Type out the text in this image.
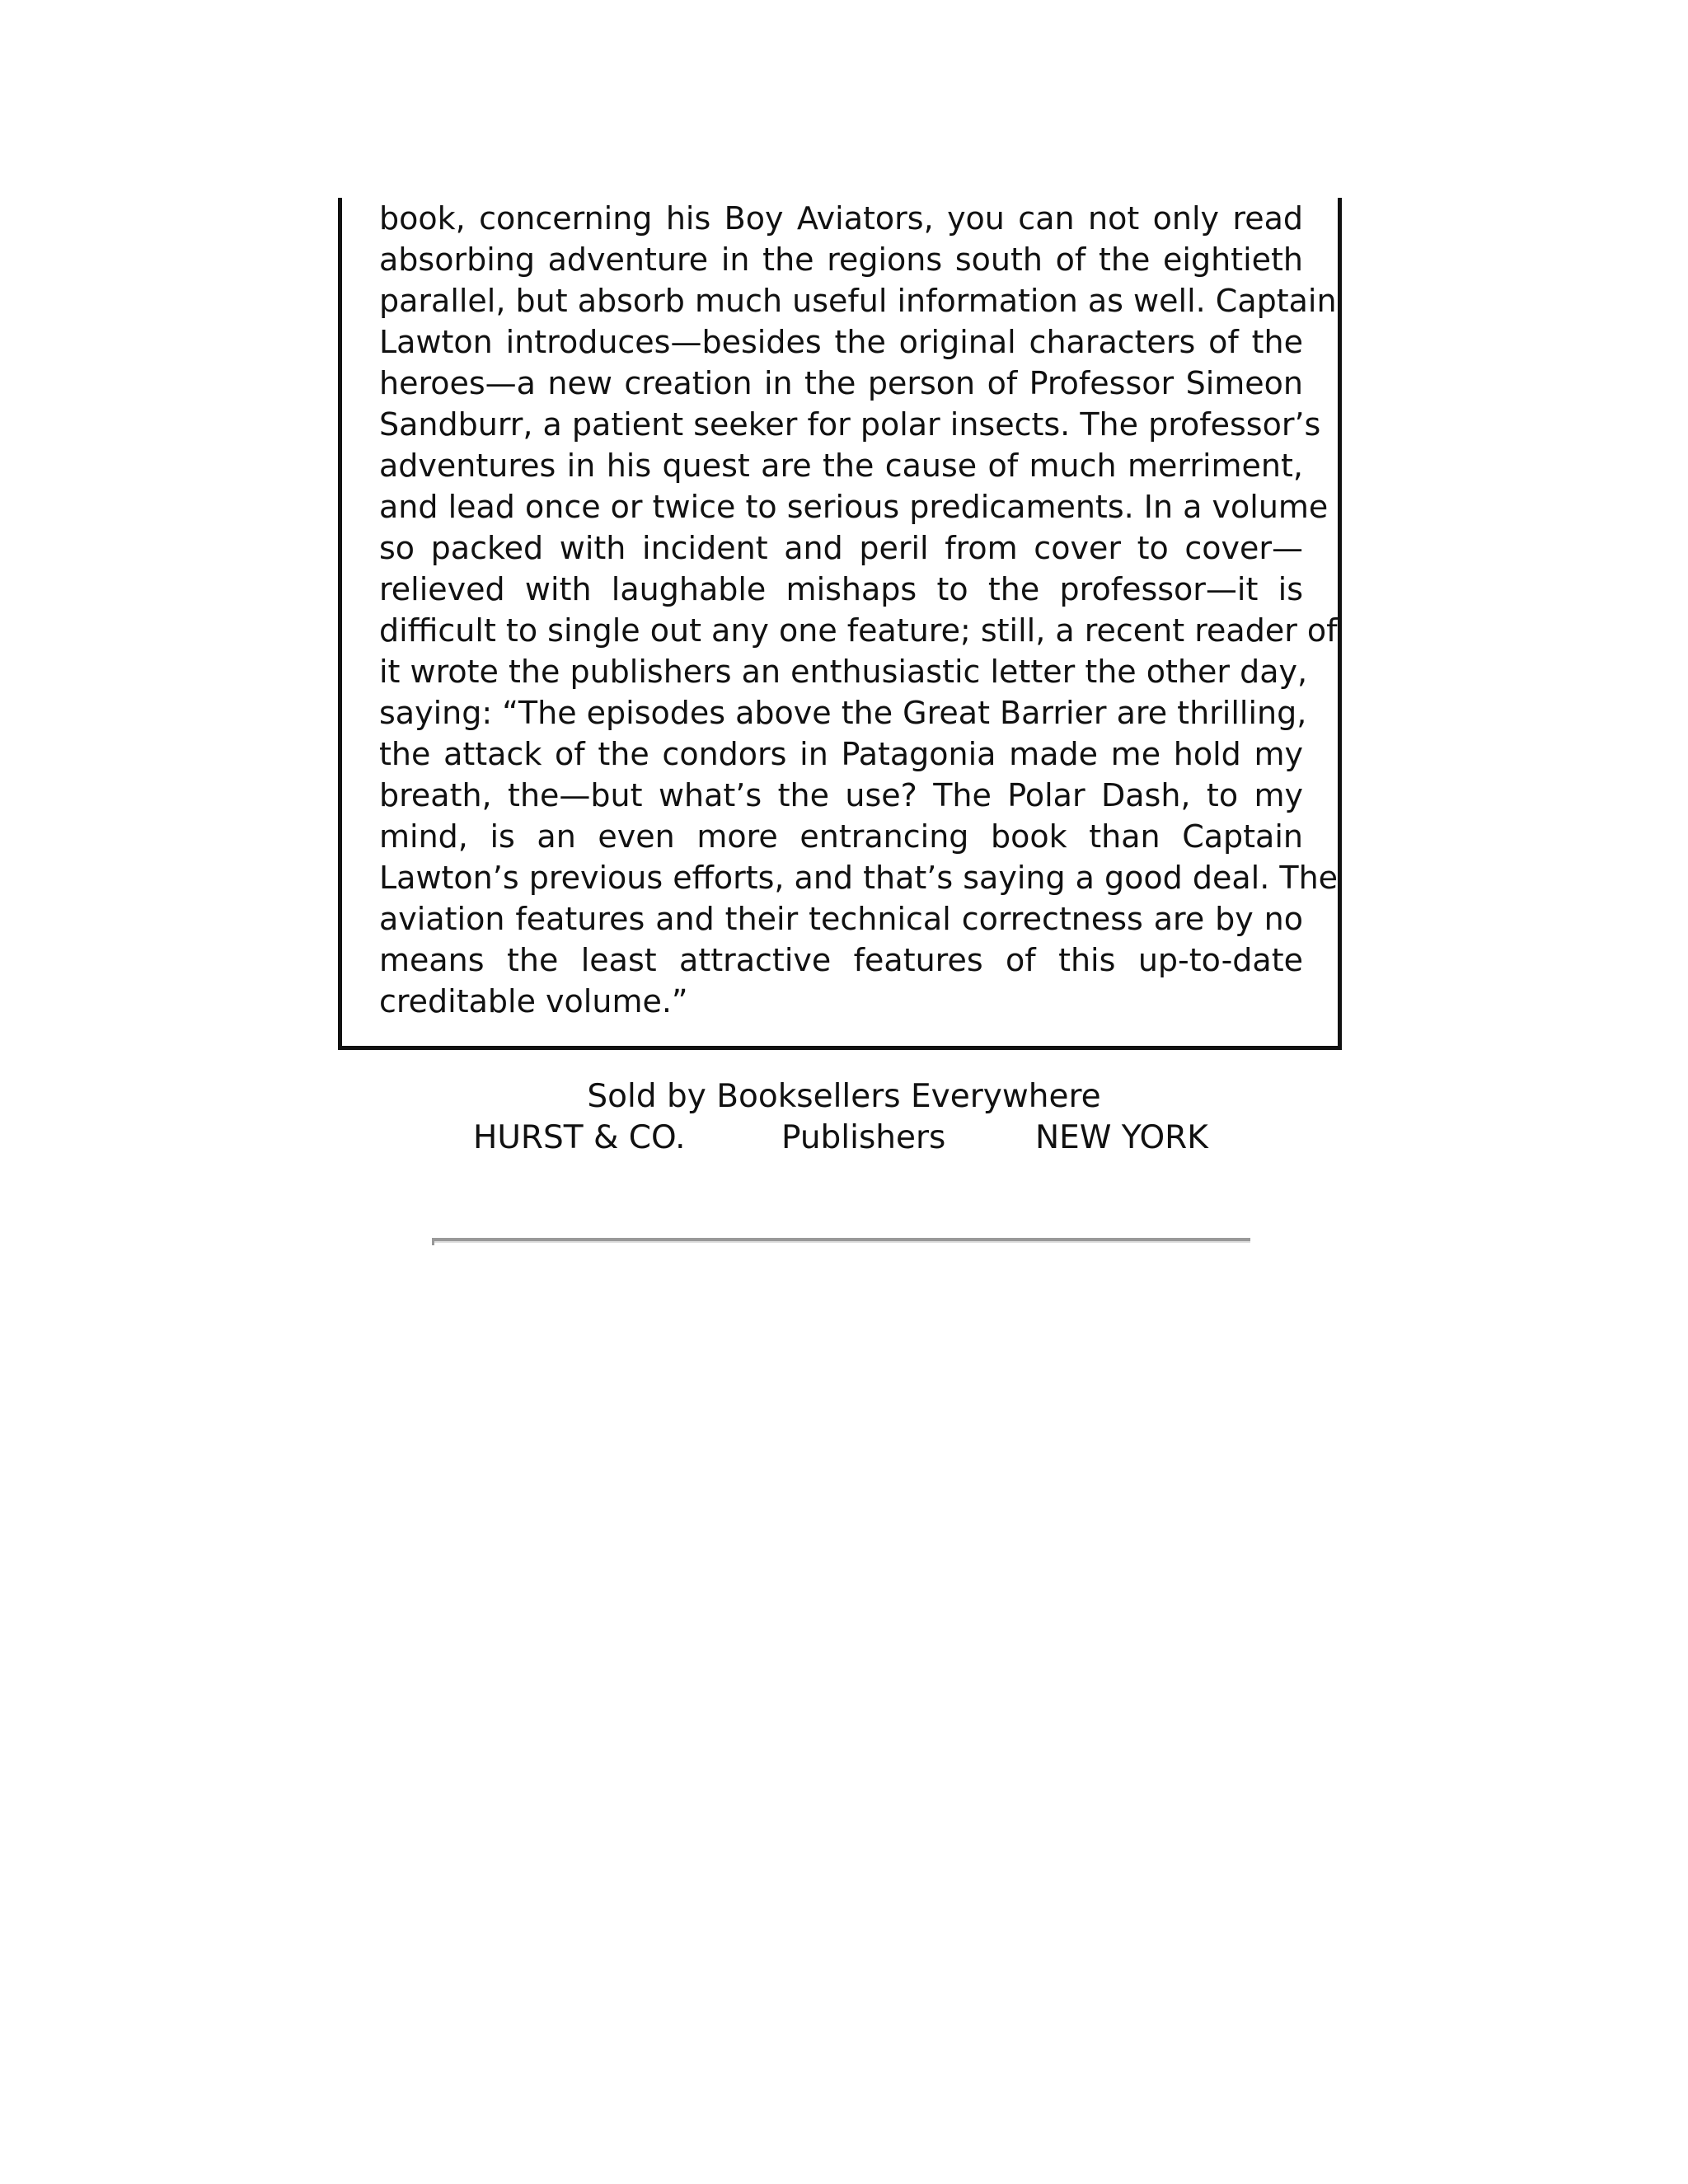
book, concerning his Boy Aviators, you can not only read
absorbing adventure in the regions south of the eightieth
parallel, but absorb much useful information as well. Captain
Lawton introduces—besides the original characters of the
heroes—a new creation in the person of Professor Simeon
Sandburr, a patient seeker for polar insects. The professor’s
adventures in his quest are the cause of much merriment,
and lead once or twice to serious predicaments. In a volume
so packed with incident and peril from cover to cover—
relieved with laughable mishaps to the professor—it is
difficult to single out any one feature; still, a recent reader of
it wrote the publishers an enthusiastic letter the other day,
saying: “The episodes above the Great Barrier are thrilling,
the attack of the condors in Patagonia made me hold my
breath, the—but what’s the use? The Polar Dash, to my
mind, is an even more entrancing book than Captain
Lawton’s previous efforts, and that’s saying a good deal. The
aviation features and their technical correctness are by no
means the least attractive features of this up-to-date
creditable volume.”

Sold by Booksellers Everywhere

HURST & CO.	Publishers	NEW YORK
